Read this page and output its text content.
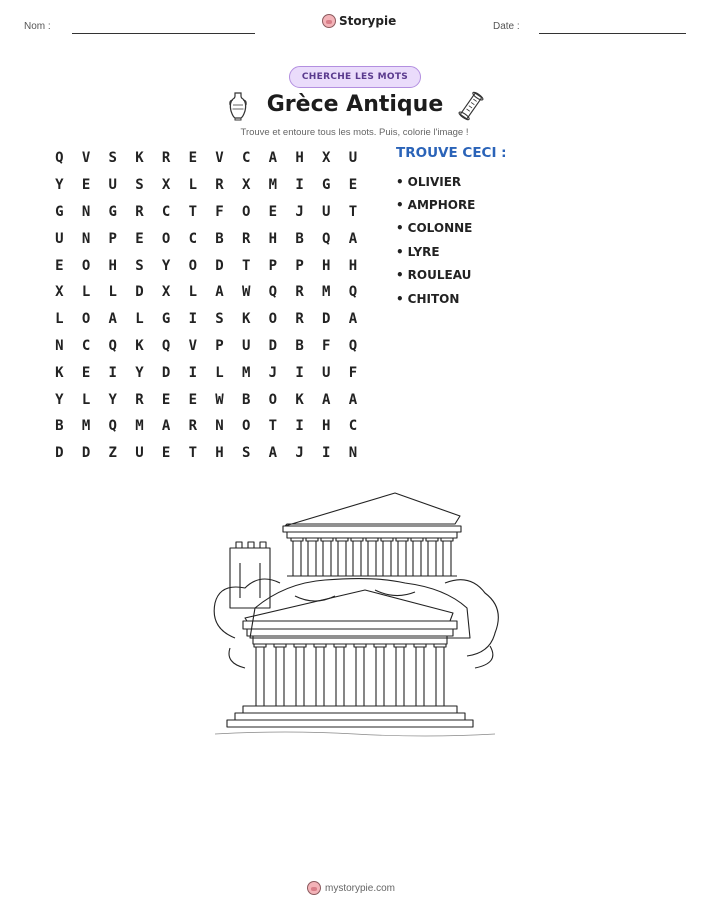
Nom :	Storypie	Date :
CHERCHE LES MOTS
Grèce Antique
Trouve et entoure tous les mots. Puis, colorie l'image !
Q	V	S	K	R	E	V	C	A	H	X	U
Y	E	U	S	X	L	R	X	M	I	G	E
G	N	G	R	C	T	F	O	E	J	U	T
U	N	P	E	O	C	B	R	H	B	Q	A
E	O	H	S	Y	O	D	T	P	P	H	H
X	L	L	D	X	L	A	W	Q	R	M	Q
L	O	A	L	G	I	S	K	O	R	D	A
N	C	Q	K	Q	V	P	U	D	B	F	Q
K	E	I	Y	D	I	L	M	J	I	U	F
Y	L	Y	R	E	E	W	B	O	K	A	A
B	M	Q	M	A	R	N	O	T	I	H	C
D	D	Z	U	E	T	H	S	A	J	I	N
TROUVE CECI :
• OLIVIER
• AMPHORE
• COLONNE
• LYRE
• ROULEAU
• CHITON
mystorypie.com
